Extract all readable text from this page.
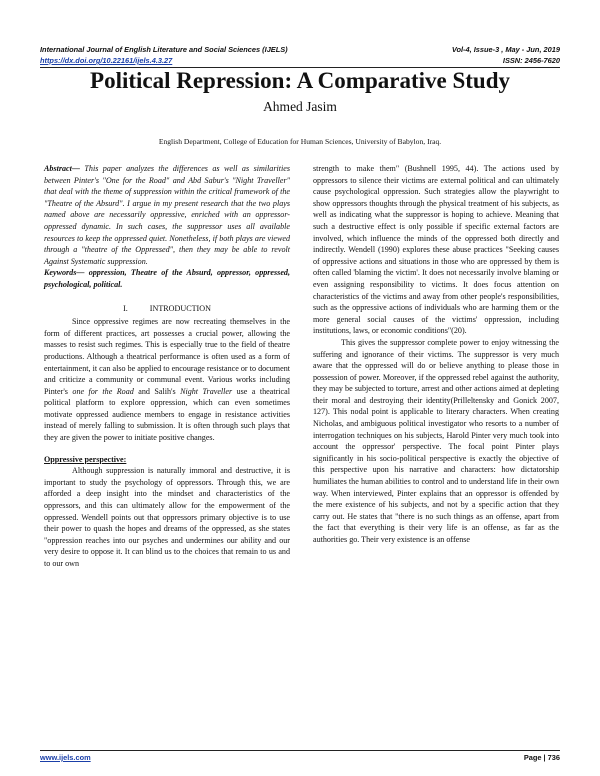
International Journal of English Literature and Social Sciences (IJELS)	Vol-4, Issue-3 , May - Jun, 2019
https://dx.doi.org/10.22161/ijels.4.3.27	ISSN: 2456-7620
Political Repression: A Comparative Study
Ahmed Jasim
English Department, College of Education for Human Sciences, University of Babylon, Iraq.

Abstract— This paper analyzes the differences as well as similarities between Pinter's "One for the Road" and Abd Sabur's "Night Traveller" that deal with the theme of suppression within the critical framework of the "Theatre of the Absurd". I argue in my present research that the two plays named above are necessarily oppressive, enriched with an oppressor-oppressed dynamic. In such cases, the suppressor uses all available resources to keep the oppressed quiet. Nonetheless, if both plays are viewed through a "theatre of the Oppressed", then they may be able to revolt Against Systematic suppression.

Keywords— oppression, Theatre of the Absurd, oppressor, oppressed, psychological, political.

I.	INTRODUCTION

Since oppressive regimes are now recreating themselves in the form of different practices, art possesses a crucial power, allowing the masses to resist such regimes. This is especially true to the field of theatre productions. Although a theatrical performance is often used as a form of entertainment, it can also be applied to encourage resistance or to document and criticize a community or communal event. Various works including Pinter's one for the Road and Salih's Night Traveller use a theatrical political platform to explore oppression, which can even sometimes motivate oppressed audience members to engage in resistance activities instead of merely falling to submission. It is often through such plays that they are given the power to initiate positive changes.

Oppressive perspective:

Although suppression is naturally immoral and destructive, it is important to study the psychology of oppressors. Through this, we are afforded a deep insight into the mindset and characteristics of the oppressors, and this can ultimately allow for the empowerment of the oppressed. Wendell points out that oppressors primary objective is to use their power to quash the hopes and dreams of the oppressed, as she states "oppression reaches into our psyches and undermines our ability and our very desire to oppose it. It can blind us to the choices that remain to us and to our own

strength to make them" (Bushnell 1995, 44). The actions used by oppressors to silence their victims are external political and can ultimately cause psychological oppression. Such strategies allow the playwright to show oppressors thoughts through the physical treatment of his subjects, as well as indicating what the suppressor is hoping to achieve. Meaning that such a destructive effect is only possible if specific external factors are involved, which influence the minds of the oppressed both directly and indirectly. Wendell (1990) explores these abuse practices "Seeking causes of oppressive actions and situations in those who are oppressed by them is often called 'blaming the victim'. It does not necessarily involve blaming or even assigning responsibility to victims. It does focus attention on characteristics of the victims and away from other people's responsibilities, such as the oppressive actions of individuals who are harming them or the more general social causes of the victims' oppression, including institutions, laws, or economic conditions"(20).

This gives the suppressor complete power to enjoy witnessing the suffering and ignorance of their victims. The suppressor is very much aware that the oppressed will do or believe anything to please those in possession of power. Moreover, if the oppressed rebel against the authority, they may be subjected to torture, arrest and other actions aimed at depleting their moral and destroying their identity(Prilleltensky and Gonick 2007, 127). This nodal point is applicable to literary characters. When creating Nicholas, and ambiguous political investigator who resorts to a number of interrogation techniques on his subjects, Harold Pinter very much took into account the oppressor' perspective. The focal point Pinter plays significantly in his socio-political perspective is exactly the objective of this perspective upon his narrative and characters: how dictatorship humiliates the human abilities to control and to understand life in their own way. When interviewed, Pinter explains that an oppressor is offended by the mere existence of his subjects, and not by a specific action that they carry out. He states that "there is no such things as an offense, apart from the fact that everything is their very life is an offense, as far as the authorities go. Their very existence is an offense

www.ijels.com	Page | 736
